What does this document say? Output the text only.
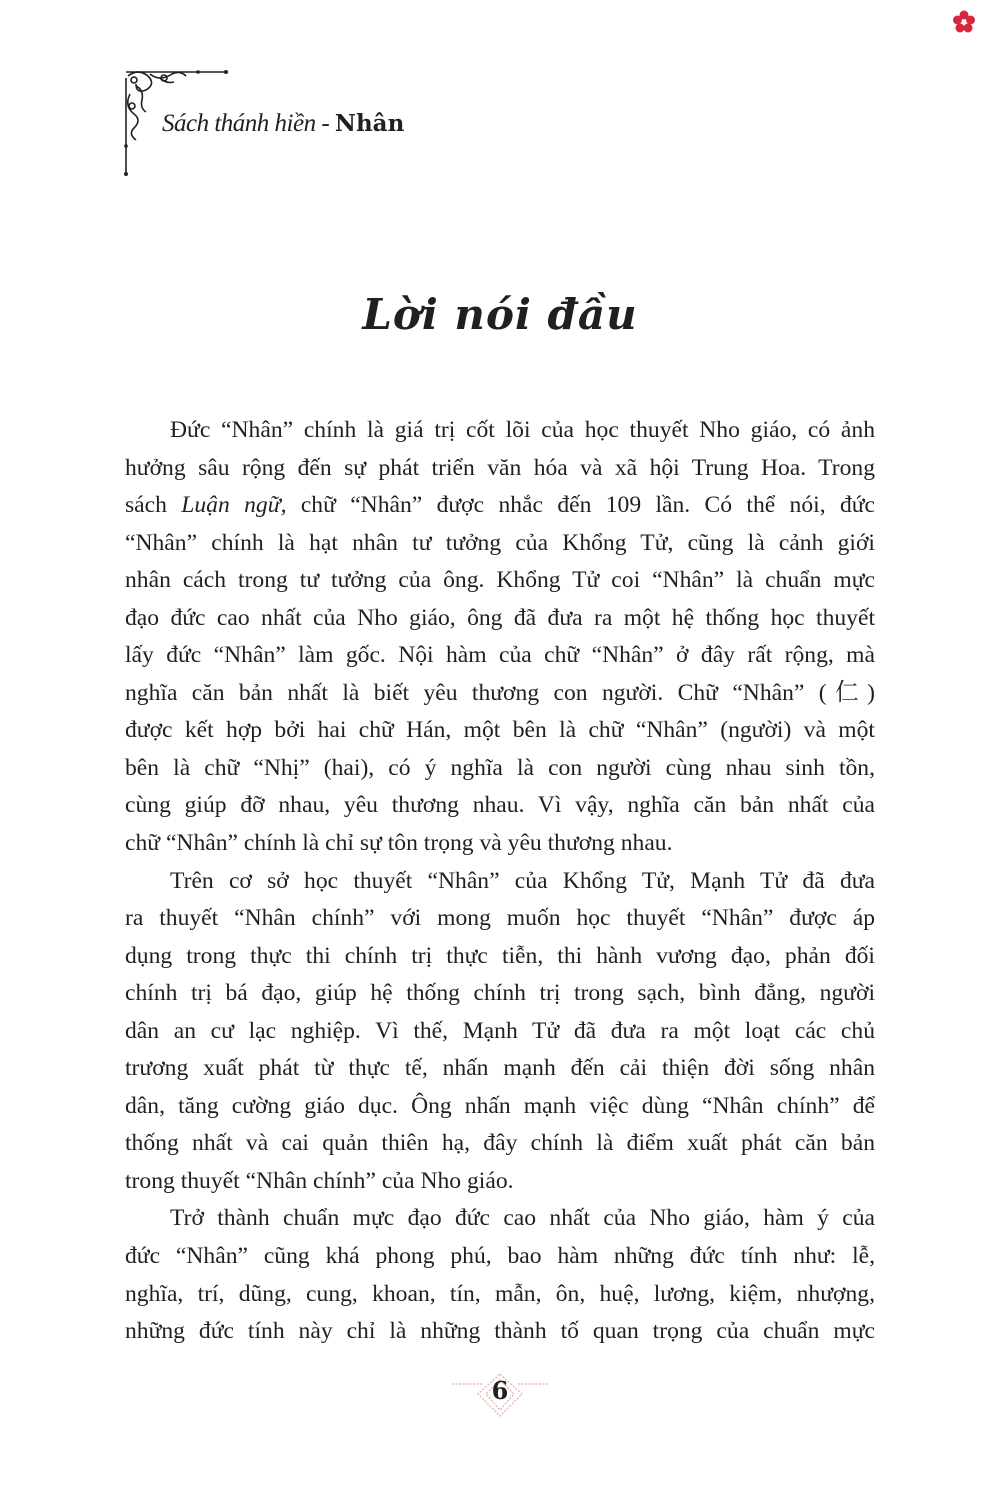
Sách thánh hiền - Nhân
Lời nói đầu
Đức “Nhân” chính là giá trị cốt lõi của học thuyết Nho giáo, có ảnh
hưởng sâu rộng đến sự phát triển văn hóa và xã hội Trung Hoa. Trong
sách Luận ngữ, chữ “Nhân” được nhắc đến 109 lần. Có thể nói, đức
“Nhân” chính là hạt nhân tư tưởng của Khổng Tử, cũng là cảnh giới
nhân cách trong tư tưởng của ông. Khổng Tử coi “Nhân” là chuẩn mực
đạo đức cao nhất của Nho giáo, ông đã đưa ra một hệ thống học thuyết
lấy đức “Nhân” làm gốc. Nội hàm của chữ “Nhân” ở đây rất rộng, mà
nghĩa căn bản nhất là biết yêu thương con người. Chữ “Nhân” (仁)
được kết hợp bởi hai chữ Hán, một bên là chữ “Nhân” (người) và một
bên là chữ “Nhị” (hai), có ý nghĩa là con người cùng nhau sinh tồn,
cùng giúp đỡ nhau, yêu thương nhau. Vì vậy, nghĩa căn bản nhất của
chữ “Nhân” chính là chỉ sự tôn trọng và yêu thương nhau.
Trên cơ sở học thuyết “Nhân” của Khổng Tử, Mạnh Tử đã đưa
ra thuyết “Nhân chính” với mong muốn học thuyết “Nhân” được áp
dụng trong thực thi chính trị thực tiễn, thi hành vương đạo, phản đối
chính trị bá đạo, giúp hệ thống chính trị trong sạch, bình đẳng, người
dân an cư lạc nghiệp. Vì thế, Mạnh Tử đã đưa ra một loạt các chủ
trương xuất phát từ thực tế, nhấn mạnh đến cải thiện đời sống nhân
dân, tăng cường giáo dục. Ông nhấn mạnh việc dùng “Nhân chính” để
thống nhất và cai quản thiên hạ, đây chính là điểm xuất phát căn bản
trong thuyết “Nhân chính” của Nho giáo.
Trở thành chuẩn mực đạo đức cao nhất của Nho giáo, hàm ý của
đức “Nhân” cũng khá phong phú, bao hàm những đức tính như: lễ,
nghĩa, trí, dũng, cung, khoan, tín, mẫn, ôn, huệ, lương, kiệm, nhượng,
những đức tính này chỉ là những thành tố quan trọng của chuẩn mực
6
